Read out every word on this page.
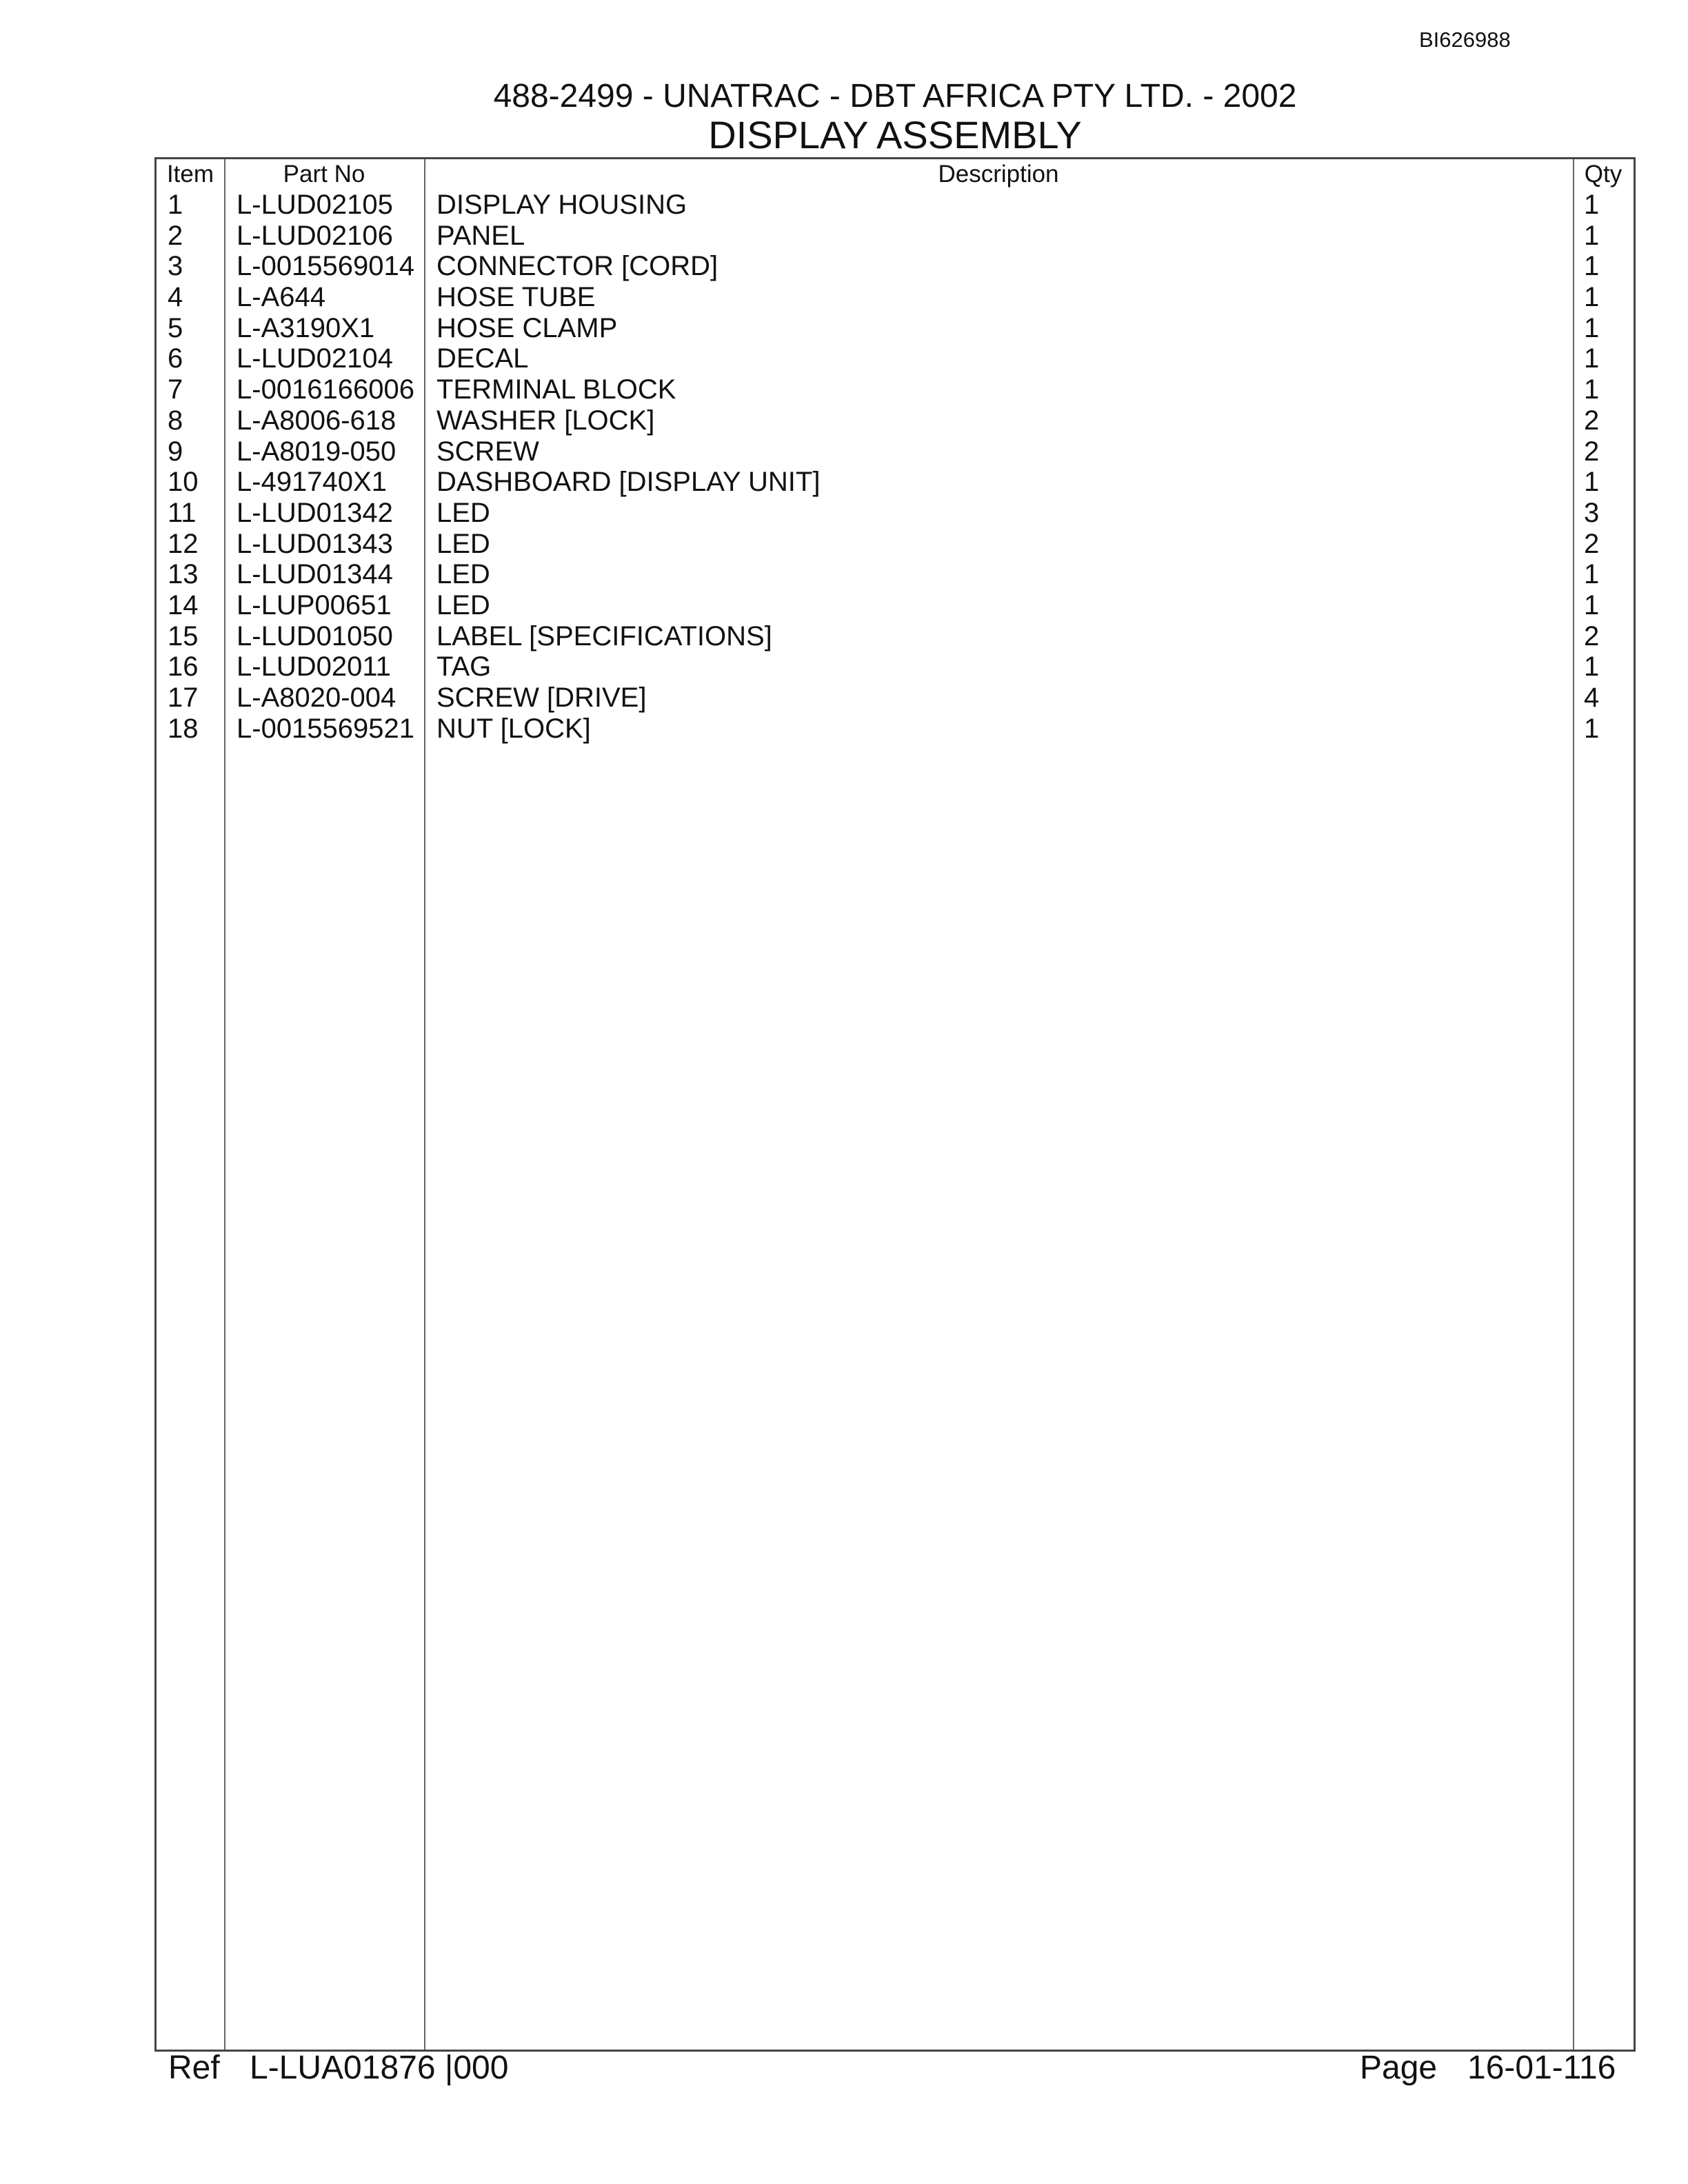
BI626988
488-2499 - UNATRAC - DBT AFRICA PTY LTD. - 2002
DISPLAY ASSEMBLY
Item	Part No	Description	Qty
1 L-LUD02105 DISPLAY HOUSING	1
2 L-LUD02106 PANEL	1
3 L-0015569014 CONNECTOR [CORD]	1
4 L-A644	HOSE TUBE	1
5 L-A3190X1 HOSE CLAMP	1
6 L-LUD02104 DECAL	1
7 L-0016166006 TERMINAL BLOCK	1
8 L-A8006-618 WASHER [LOCK]	2
9 L-A8019-050 SCREW	2
10 L-491740X1 DASHBOARD [DISPLAY UNIT]	1
11 L-LUD01342 LED	3
12 L-LUD01343 LED	2
13 L-LUD01344 LED	1
14 L-LUP00651 LED	1
15 L-LUD01050 LABEL [SPECIFICATIONS]	2
16 L-LUD02011 TAG	1
17 L-A8020-004 SCREW [DRIVE]	4
18 L-0015569521 NUT [LOCK]	1
Ref L-LUA01876 |000	Page 16-01-116
